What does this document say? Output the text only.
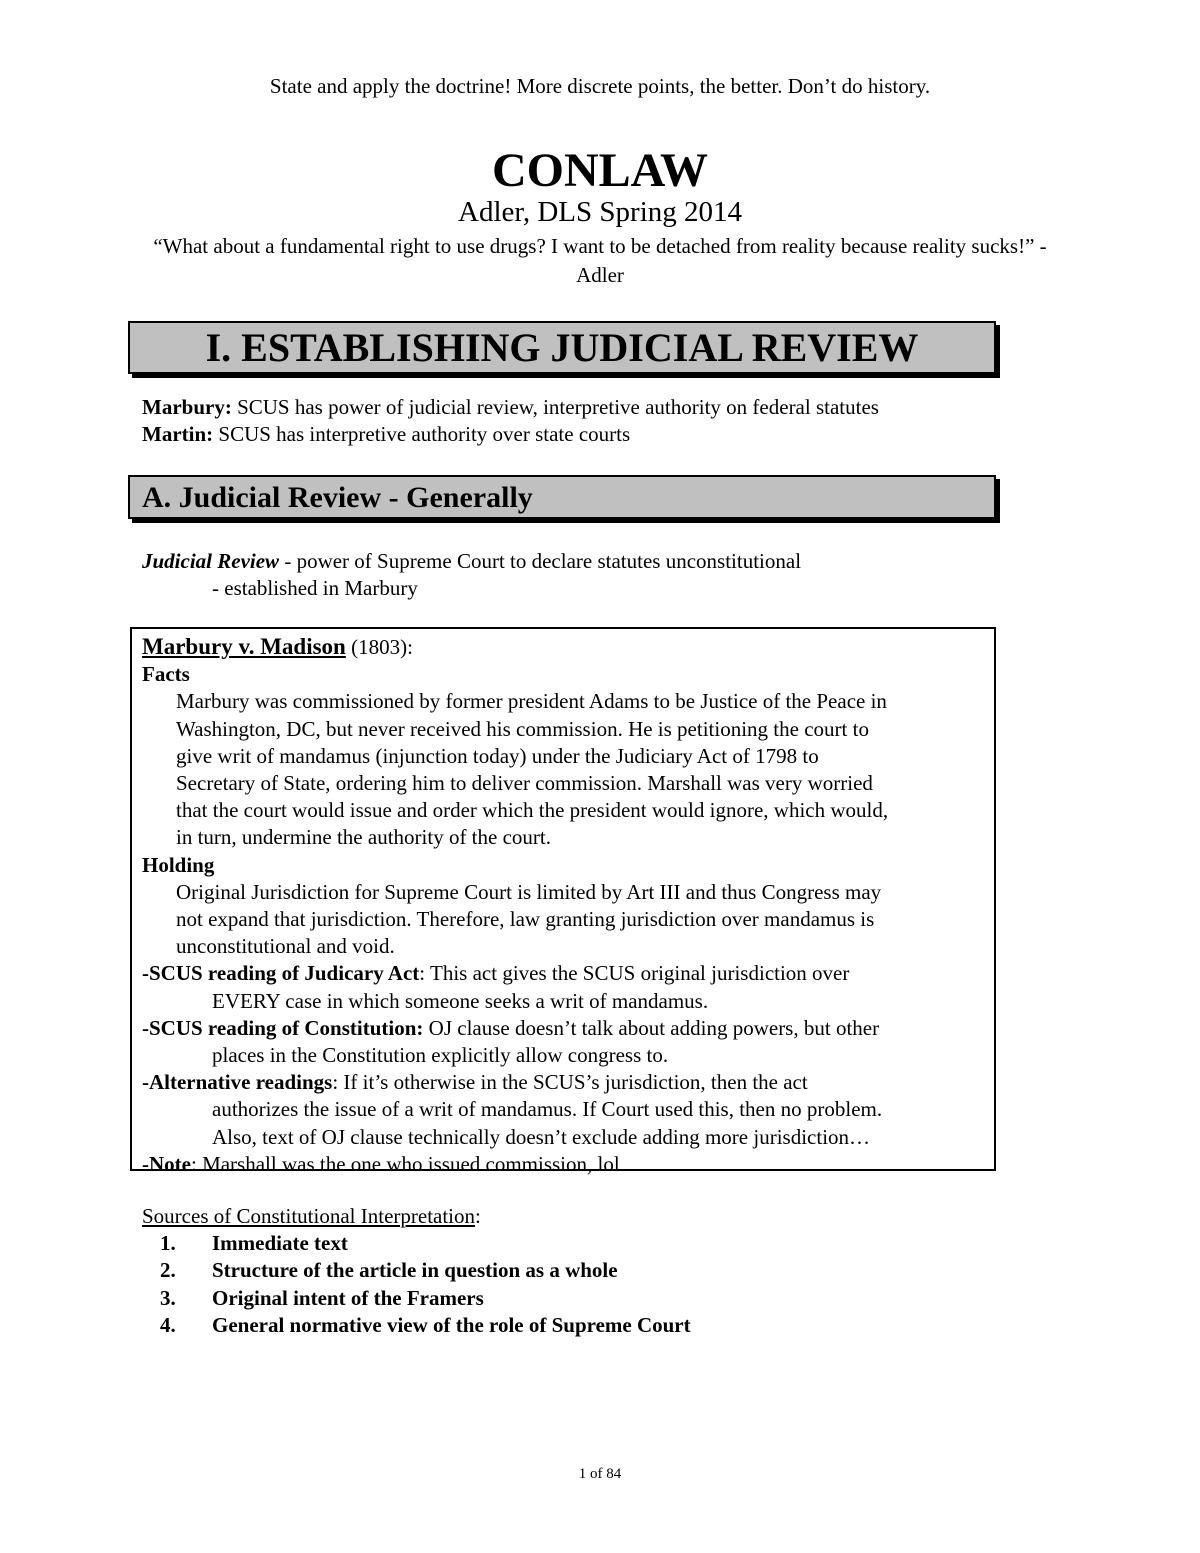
State and apply the doctrine! More discrete points, the better. Don’t do history.
CONLAW
Adler, DLS Spring 2014
“What about a fundamental right to use drugs? I want to be detached from reality because reality sucks!” - Adler
I. ESTABLISHING JUDICIAL REVIEW
Marbury: SCUS has power of judicial review, interpretive authority on federal statutes
Martin: SCUS has interpretive authority over state courts
A. Judicial Review - Generally
Judicial Review - power of Supreme Court to declare statutes unconstitutional
- established in Marbury
Marbury v. Madison (1803):
Facts
Marbury was commissioned by former president Adams to be Justice of the Peace in
Washington, DC, but never received his commission. He is petitioning the court to
give writ of mandamus (injunction today) under the Judiciary Act of 1798 to
Secretary of State, ordering him to deliver commission. Marshall was very worried
that the court would issue and order which the president would ignore, which would,
in turn, undermine the authority of the court.
Holding
Original Jurisdiction for Supreme Court is limited by Art III and thus Congress may
not expand that jurisdiction. Therefore, law granting jurisdiction over mandamus is
unconstitutional and void.
-SCUS reading of Judicary Act: This act gives the SCUS original jurisdiction over
EVERY case in which someone seeks a writ of mandamus.
-SCUS reading of Constitution: OJ clause doesn’t talk about adding powers, but other
places in the Constitution explicitly allow congress to.
-Alternative readings: If it’s otherwise in the SCUS’s jurisdiction, then the act
authorizes the issue of a writ of mandamus. If Court used this, then no problem.
Also, text of OJ clause technically doesn’t exclude adding more jurisdiction…
-Note: Marshall was the one who issued commission, lol
Sources of Constitutional Interpretation:
1.	Immediate text
2.	Structure of the article in question as a whole
3.	Original intent of the Framers
4.	General normative view of the role of Supreme Court
1 of 84
